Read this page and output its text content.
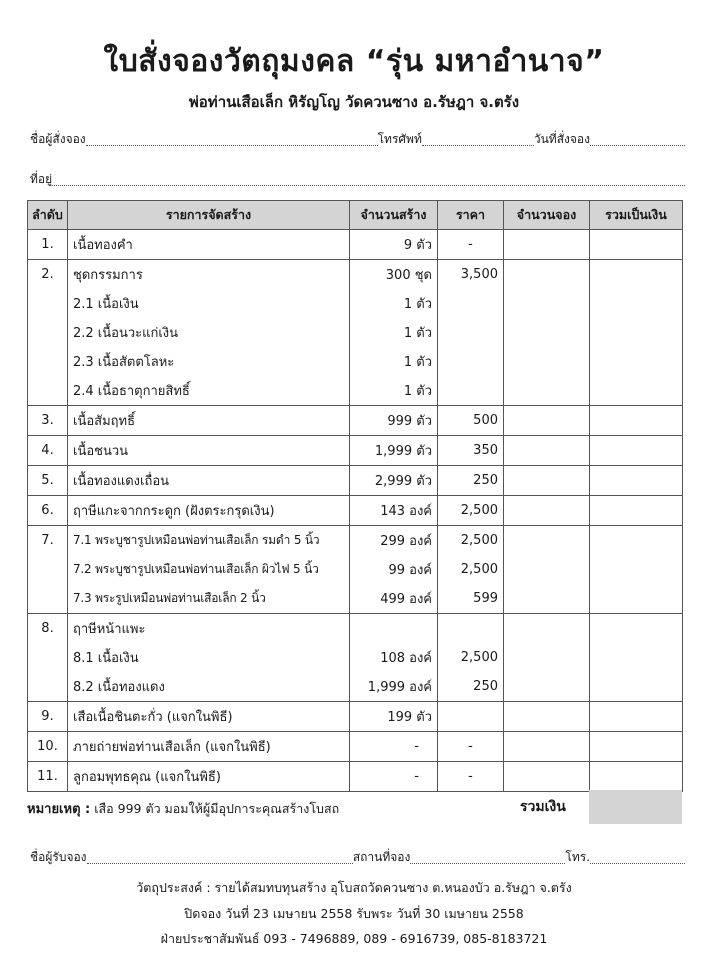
ใบสั่งจองวัตถุมงคล “รุ่น มหาอำนาจ”
พ่อท่านเสือเล็ก หิรัญโญ วัดควนซาง อ.รัษฎา จ.ตรัง
ชื่อผู้สั่งจอง	โทรศัพท์	วันที่สั่งจอง
ที่อยู่
ลำดับ	รายการจัดสร้าง	จำนวนสร้าง	ราคา	จำนวนจอง	รวมเป็นเงิน
1.	เนื้อทองคำ	9 ตัว	-		
2.	ชุดกรรมการ	300 ชุด	3,500		
	2.1 เนื้อเงิน	1 ตัว			
	2.2 เนื้อนวะแก่เงิน	1 ตัว			
	2.3 เนื้อสัตตโลหะ	1 ตัว			
	2.4 เนื้อธาตุกายสิทธิ์	1 ตัว			
3.	เนื้อสัมฤทธิ์	999 ตัว	500		
4.	เนื้อชนวน	1,999 ตัว	350		
5.	เนื้อทองแดงเถื่อน	2,999 ตัว	250		
6.	ฤาษีแกะจากกระดูก (ฝังตระกรุดเงิน)	143 องค์	2,500		
7.	7.1 พระบูชารูปเหมือนพ่อท่านเสือเล็ก รมดำ 5 นิ้ว	299 องค์	2,500		
	7.2 พระบูชารูปเหมือนพ่อท่านเสือเล็ก ผิวไฟ 5 นิ้ว	99 องค์	2,500		
	7.3 พระรูปเหมือนพ่อท่านเสือเล็ก 2 นิ้ว	499 องค์	599		
8.	ฤาษีหน้าแพะ				
	8.1 เนื้อเงิน	108 องค์	2,500		
	8.2 เนื้อทองแดง	1,999 องค์	250		
9.	เสือเนื้อชินตะกั่ว (แจกในพิธี)	199 ตัว			
10.	ภายถ่ายพ่อท่านเสือเล็ก (แจกในพิธี)	-	-		
11.	ลูกอมพุทธคุณ (แจกในพิธี)	-	-		
หมายเหตุ : เสือ 999 ตัว มอมให้ผู้มีอุปการะคุณสร้างโบสถ	รวมเงิน
ชื่อผู้รับจอง	สถานที่จอง	โทร.
วัตถุประสงค์ : รายได้สมทบทุนสร้าง อุโบสถวัดควนซาง ต.หนองบัว อ.รัษฎา จ.ตรัง
ปิดจอง วันที่ 23 เมษายน 2558 รับพระ วันที่ 30 เมษายน 2558
ฝ่ายประชาสัมพันธ์ 093 - 7496889, 089 - 6916739, 085-8183721
